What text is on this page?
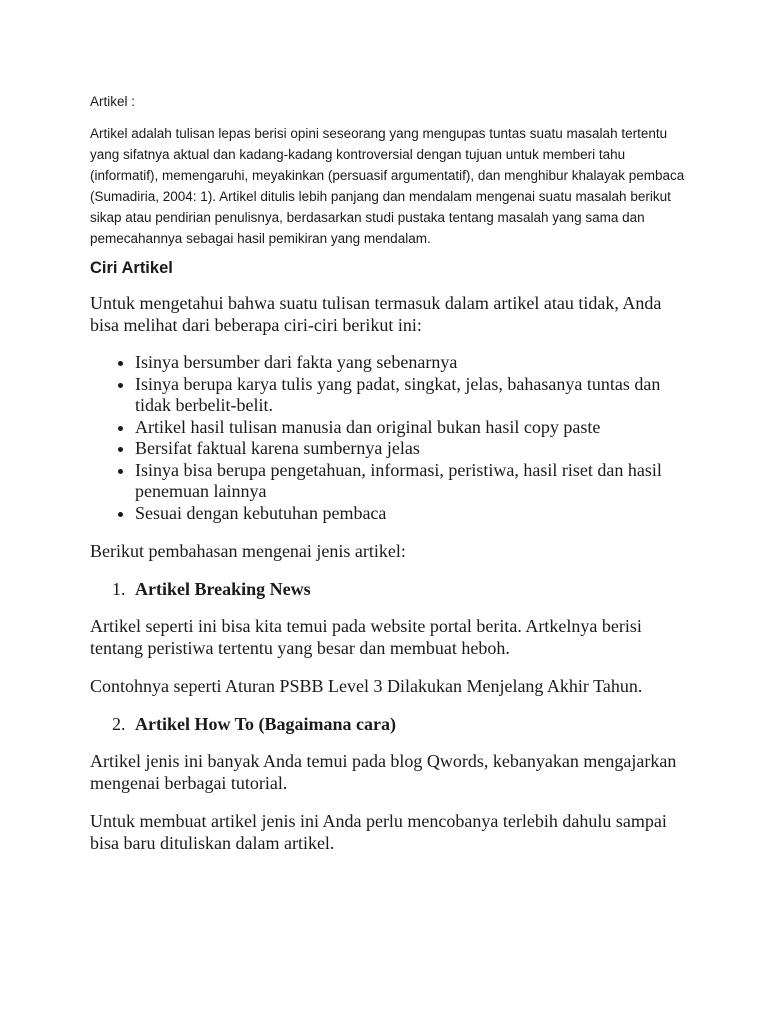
Artikel :

Artikel adalah tulisan lepas berisi opini seseorang yang mengupas tuntas suatu masalah tertentu yang sifatnya aktual dan kadang-kadang kontroversial dengan tujuan untuk memberi tahu (informatif), memengaruhi, meyakinkan (persuasif argumentatif), dan menghibur khalayak pembaca (Sumadiria, 2004: 1). Artikel ditulis lebih panjang dan mendalam mengenai suatu masalah berikut sikap atau pendirian penulisnya, berdasarkan studi pustaka tentang masalah yang sama dan pemecahannya sebagai hasil pemikiran yang mendalam.

Ciri Artikel

Untuk mengetahui bahwa suatu tulisan termasuk dalam artikel atau tidak, Anda bisa melihat dari beberapa ciri-ciri berikut ini:

• Isinya bersumber dari fakta yang sebenarnya
• Isinya berupa karya tulis yang padat, singkat, jelas, bahasanya tuntas dan tidak berbelit-belit.
• Artikel hasil tulisan manusia dan original bukan hasil copy paste
• Bersifat faktual karena sumbernya jelas
• Isinya bisa berupa pengetahuan, informasi, peristiwa, hasil riset dan hasil penemuan lainnya
• Sesuai dengan kebutuhan pembaca

Berikut pembahasan mengenai jenis artikel:

1. Artikel Breaking News

Artikel seperti ini bisa kita temui pada website portal berita. Artkelnya berisi tentang peristiwa tertentu yang besar dan membuat heboh.

Contohnya seperti Aturan PSBB Level 3 Dilakukan Menjelang Akhir Tahun.

2. Artikel How To (Bagaimana cara)

Artikel jenis ini banyak Anda temui pada blog Qwords, kebanyakan mengajarkan mengenai berbagai tutorial.

Untuk membuat artikel jenis ini Anda perlu mencobanya terlebih dahulu sampai bisa baru dituliskan dalam artikel.
